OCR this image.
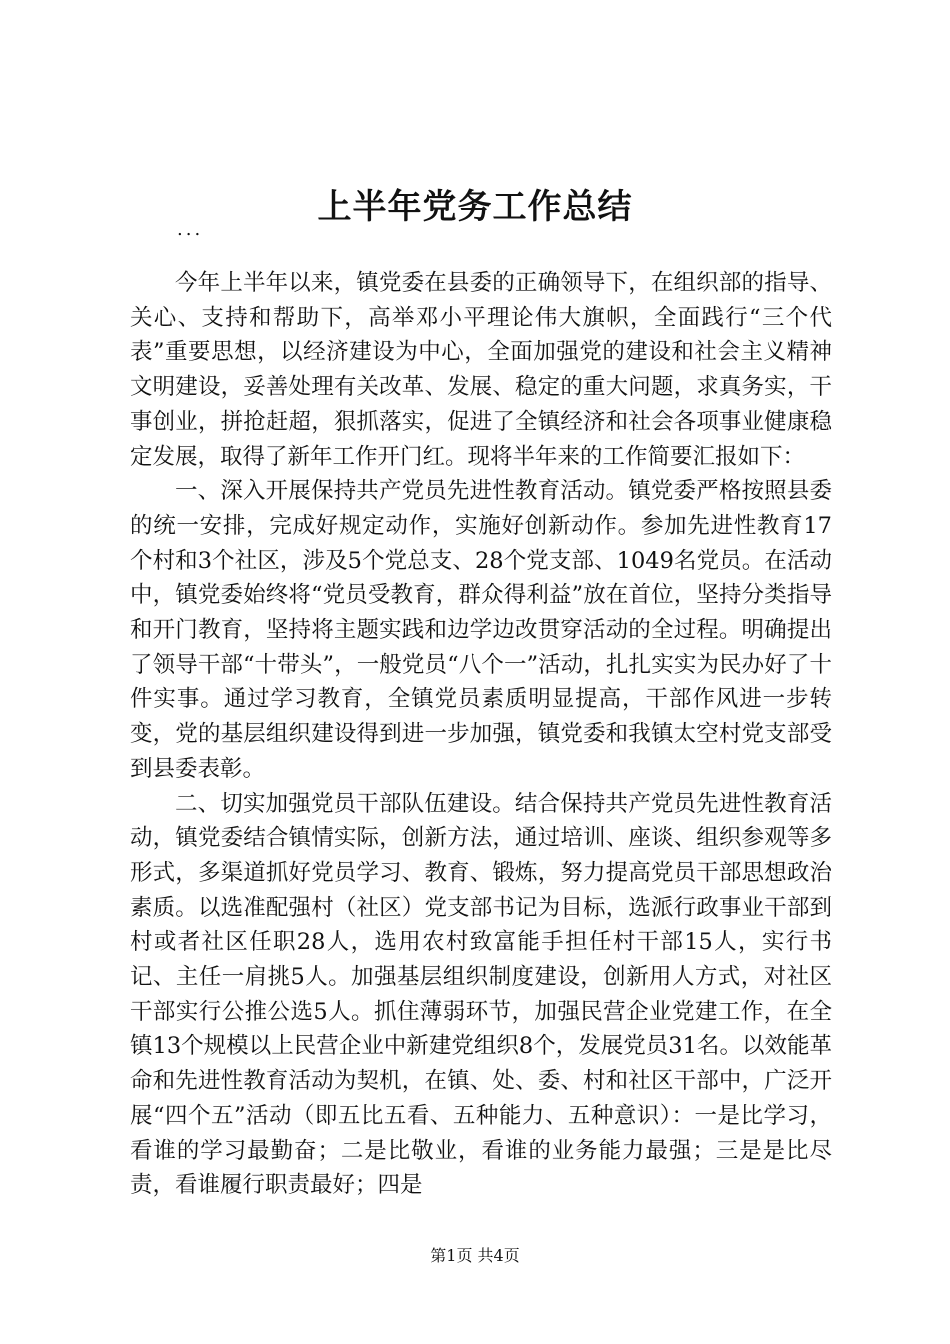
上半年党务工作总结
...

今年上半年以来，镇党委在县委的正确领导下，在组织部的指导、关心、支持和帮助下，高举邓小平理论伟大旗帜，全面践行“三个代表”重要思想，以经济建设为中心，全面加强党的建设和社会主义精神文明建设，妥善处理有关改革、发展、稳定的重大问题，求真务实，干事创业，拼抢赶超，狠抓落实，促进了全镇经济和社会各项事业健康稳定发展，取得了新年工作开门红。现将半年来的工作简要汇报如下：

一、深入开展保持共产党员先进性教育活动。镇党委严格按照县委的统一安排，完成好规定动作，实施好创新动作。参加先进性教育17个村和3个社区，涉及5个党总支、28个党支部、1049名党员。在活动中，镇党委始终将“党员受教育，群众得利益”放在首位，坚持分类指导和开门教育，坚持将主题实践和边学边改贯穿活动的全过程。明确提出了领导干部“十带头”，一般党员“八个一”活动，扎扎实实为民办好了十件实事。通过学习教育，全镇党员素质明显提高，干部作风进一步转变，党的基层组织建设得到进一步加强，镇党委和我镇太空村党支部受到县委表彰。

二、切实加强党员干部队伍建设。结合保持共产党员先进性教育活动，镇党委结合镇情实际，创新方法，通过培训、座谈、组织参观等多形式，多渠道抓好党员学习、教育、锻炼，努力提高党员干部思想政治素质。以选准配强村（社区）党支部书记为目标，选派行政事业干部到村或者社区任职28人，选用农村致富能手担任村干部15人，实行书记、主任一肩挑5人。加强基层组织制度建设，创新用人方式，对社区干部实行公推公选5人。抓住薄弱环节，加强民营企业党建工作，在全镇13个规模以上民营企业中新建党组织8个，发展党员31名。以效能革命和先进性教育活动为契机，在镇、处、委、村和社区干部中，广泛开展“四个五”活动（即五比五看、五种能力、五种意识）：一是比学习，看谁的学习最勤奋；二是比敬业，看谁的业务能力最强；三是是比尽责，看谁履行职责最好；四是

第1页 共4页
